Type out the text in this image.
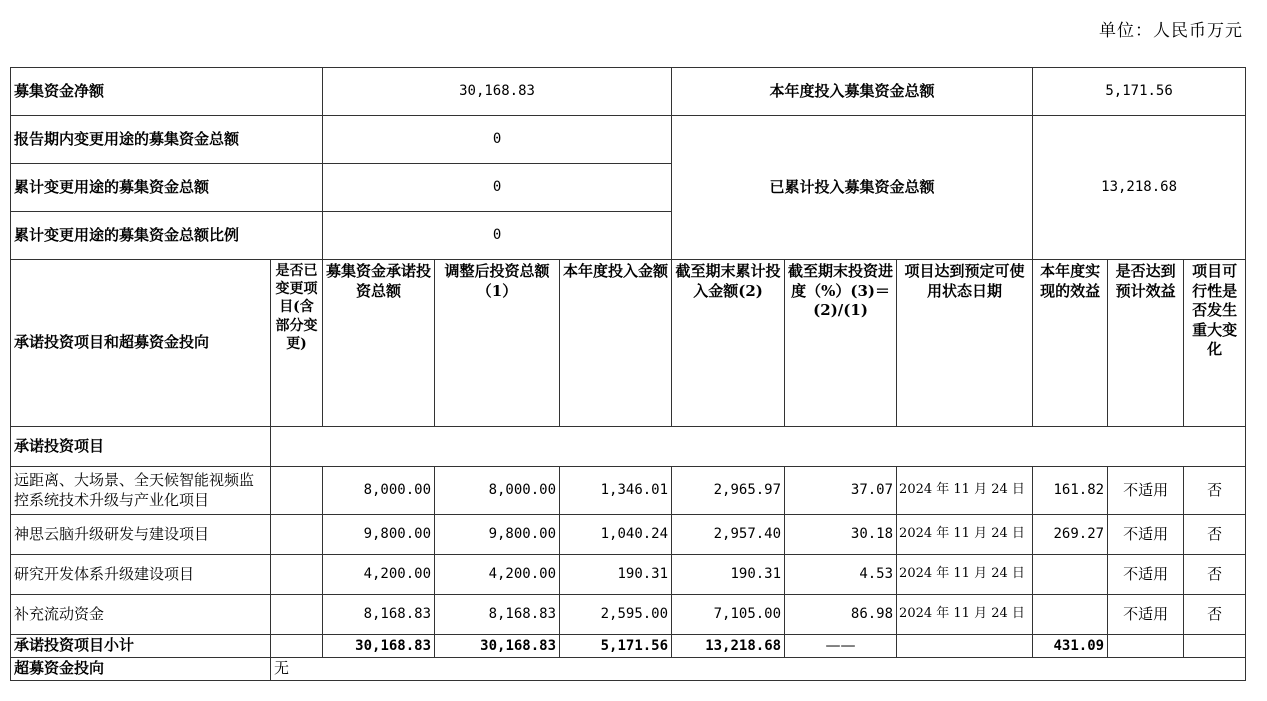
单位：人民币万元
募集资金净额		30,168.83			本年度投入募集资金总额			5,171.56		
报告期内变更用途的募集资金总额		0			已累计投入募集资金总额			13,218.68		
累计变更用途的募集资金总额		0								
累计变更用途的募集资金总额比例		0								
承诺投资项目和超募资金投向	是否已变更项目(含部分变更)	募集资金承诺投资总额	调整后投资总额（1）	本年度投入金额	截至期末累计投入金额(2)	截至期末投资进度（%）(3)＝(2)/(1)	项目达到预定可使用状态日期	本年度实现的效益	是否达到预计效益	项目可行性是否发生重大变化
承诺投资项目										
远距离、大场景、全天候智能视频监控系统技术升级与产业化项目		8,000.00	8,000.00	1,346.01	2,965.97	37.07	2024 年 11 月 24 日	161.82	不适用	否
神思云脑升级研发与建设项目		9,800.00	9,800.00	1,040.24	2,957.40	30.18	2024 年 11 月 24 日	269.27	不适用	否
研究开发体系升级建设项目		4,200.00	4,200.00	190.31	190.31	4.53	2024 年 11 月 24 日		不适用	否
补充流动资金		8,168.83	8,168.83	2,595.00	7,105.00	86.98	2024 年 11 月 24 日		不适用	否
承诺投资项目小计		30,168.83	30,168.83	5,171.56	13,218.68	——		431.09		
超募资金投向	无									
